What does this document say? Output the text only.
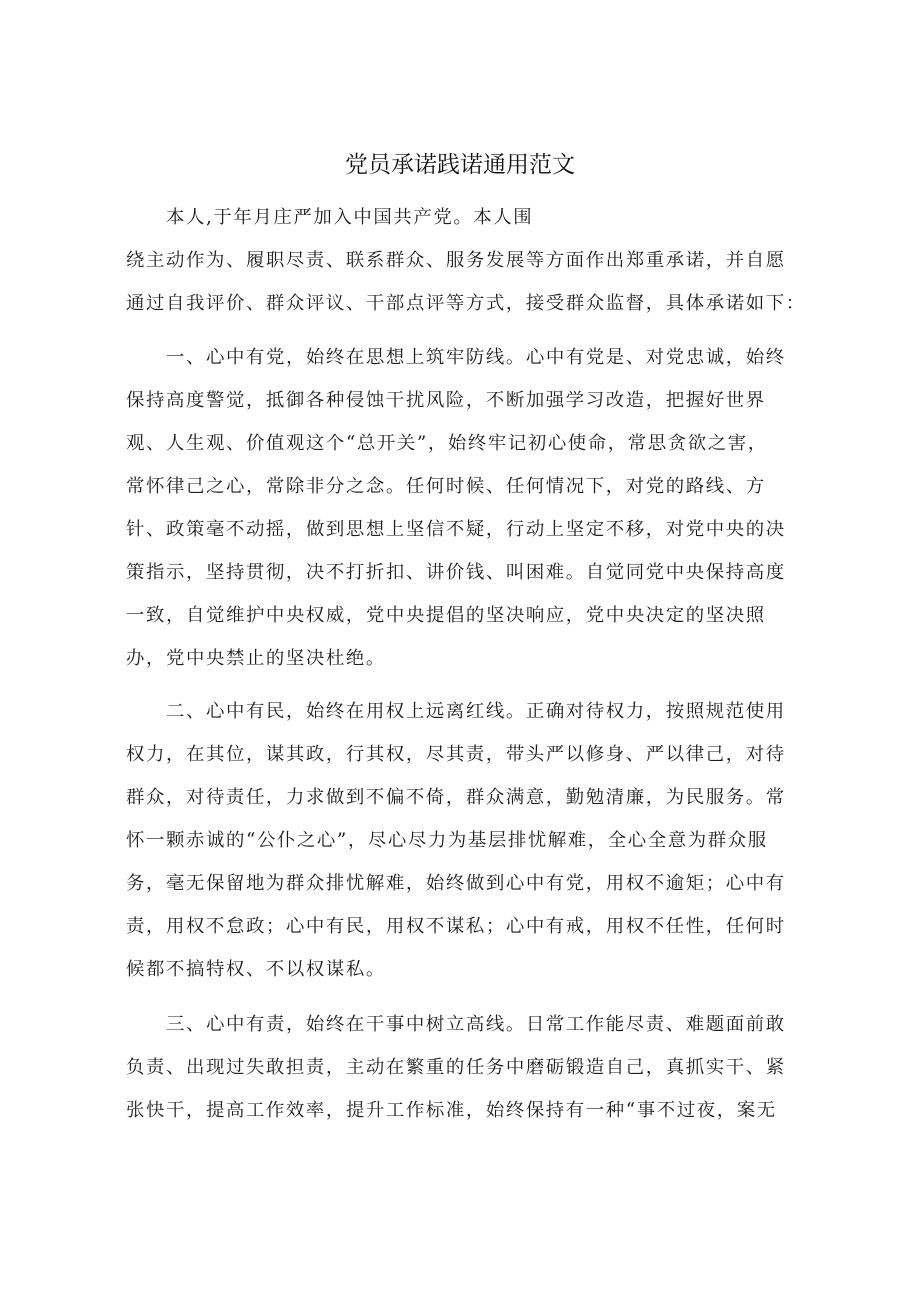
党员承诺践诺通用范文
本人,于年月庄严加入中国共产党。本人围
绕主动作为、履职尽责、联系群众、服务发展等方面作出郑重承诺，并自愿
通过自我评价、群众评议、干部点评等方式，接受群众监督，具体承诺如下：
一、心中有党，始终在思想上筑牢防线。心中有党是、对党忠诚，始终
保持高度警觉，抵御各种侵蚀干扰风险，不断加强学习改造，把握好世界
观、人生观、价值观这个“总开关”，始终牢记初心使命，常思贪欲之害，
常怀律己之心，常除非分之念。任何时候、任何情况下，对党的路线、方
针、政策毫不动摇，做到思想上坚信不疑，行动上坚定不移，对党中央的决
策指示，坚持贯彻，决不打折扣、讲价钱、叫困难。自觉同党中央保持高度
一致，自觉维护中央权威，党中央提倡的坚决响应，党中央决定的坚决照
办，党中央禁止的坚决杜绝。
二、心中有民，始终在用权上远离红线。正确对待权力，按照规范使用
权力，在其位，谋其政，行其权，尽其责，带头严以修身、严以律己，对待
群众，对待责任，力求做到不偏不倚，群众满意，勤勉清廉，为民服务。常
怀一颗赤诚的“公仆之心”，尽心尽力为基层排忧解难，全心全意为群众服
务，毫无保留地为群众排忧解难，始终做到心中有党，用权不逾矩；心中有
责，用权不怠政；心中有民，用权不谋私；心中有戒，用权不任性，任何时
候都不搞特权、不以权谋私。
三、心中有责，始终在干事中树立高线。日常工作能尽责、难题面前敢
负责、出现过失敢担责，主动在繁重的任务中磨砺锻造自己，真抓实干、紧
张快干，提高工作效率，提升工作标准，始终保持有一种“事不过夜，案无
